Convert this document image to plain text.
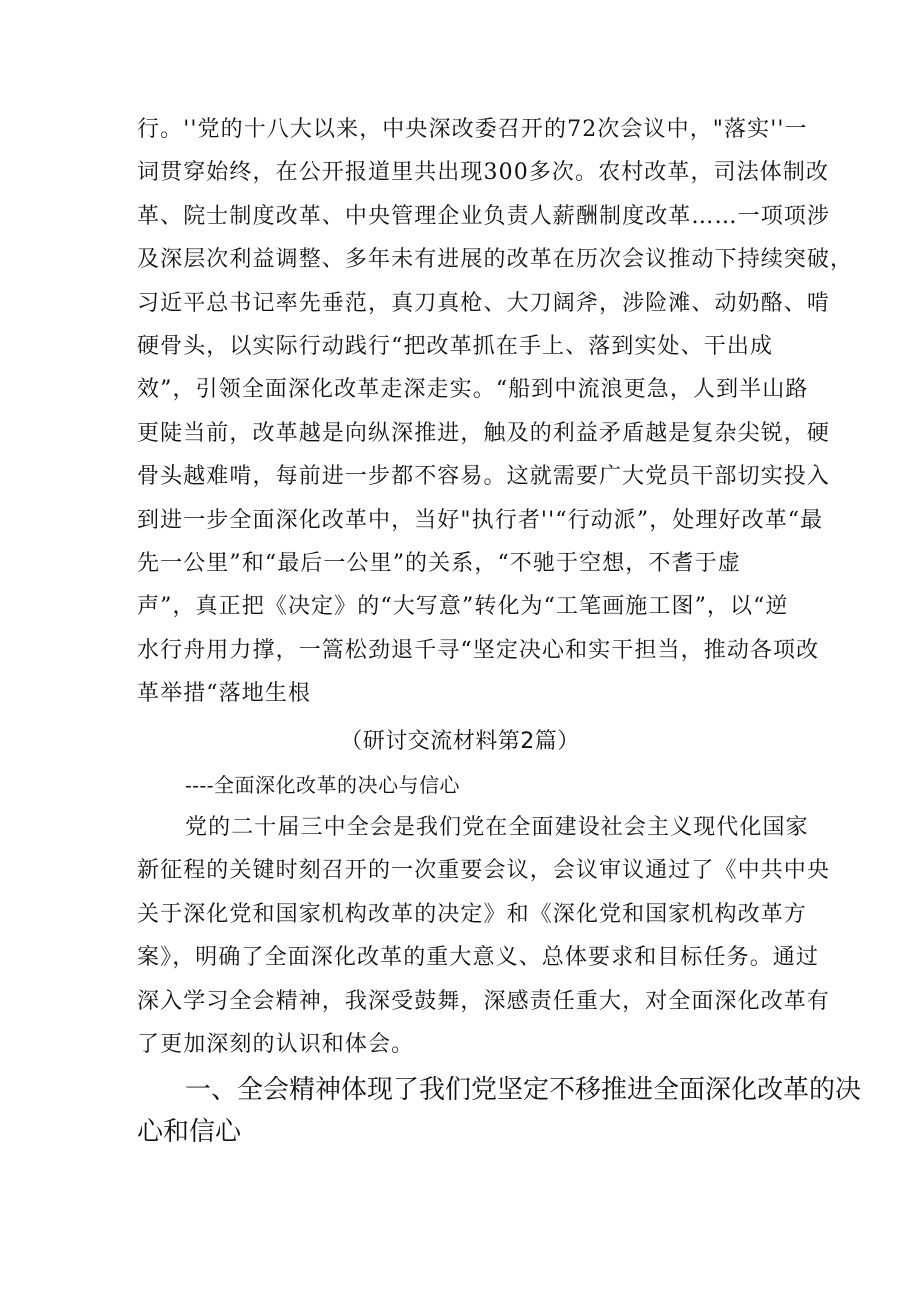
行。''党的十八大以来，中央深改委召开的72次会议中，"落实''一
词贯穿始终，在公开报道里共出现300多次。农村改革，司法体制改
革、院士制度改革、中央管理企业负责人薪酬制度改革……一项项涉
及深层次利益调整、多年未有进展的改革在历次会议推动下持续突破，
习近平总书记率先垂范，真刀真枪、大刀阔斧，涉险滩、动奶酪、啃
硬骨头，以实际行动践行“把改革抓在手上、落到实处、干出成
效”，引领全面深化改革走深走实。“船到中流浪更急，人到半山路
更陡当前，改革越是向纵深推进，触及的利益矛盾越是复杂尖锐，硬
骨头越难啃，每前进一步都不容易。这就需要广大党员干部切实投入
到进一步全面深化改革中，当好"执行者''“行动派”，处理好改革“最
先一公里”和“最后一公里”的关系，“不驰于空想，不耆于虚
声”，真正把《决定》的“大写意”转化为“工笔画施工图”，以“逆
水行舟用力撑，一篙松劲退千寻“坚定决心和实干担当，推动各项改
革举措“落地生根
（研讨交流材料第2篇）
----全面深化改革的决心与信心
党的二十届三中全会是我们党在全面建设社会主义现代化国家
新征程的关键时刻召开的一次重要会议，会议审议通过了《中共中央
关于深化党和国家机构改革的决定》和《深化党和国家机构改革方
案》，明确了全面深化改革的重大意义、总体要求和目标任务。通过
深入学习全会精神，我深受鼓舞，深感责任重大，对全面深化改革有
了更加深刻的认识和体会。
一、全会精神体现了我们党坚定不移推进全面深化改革的决
心和信心
